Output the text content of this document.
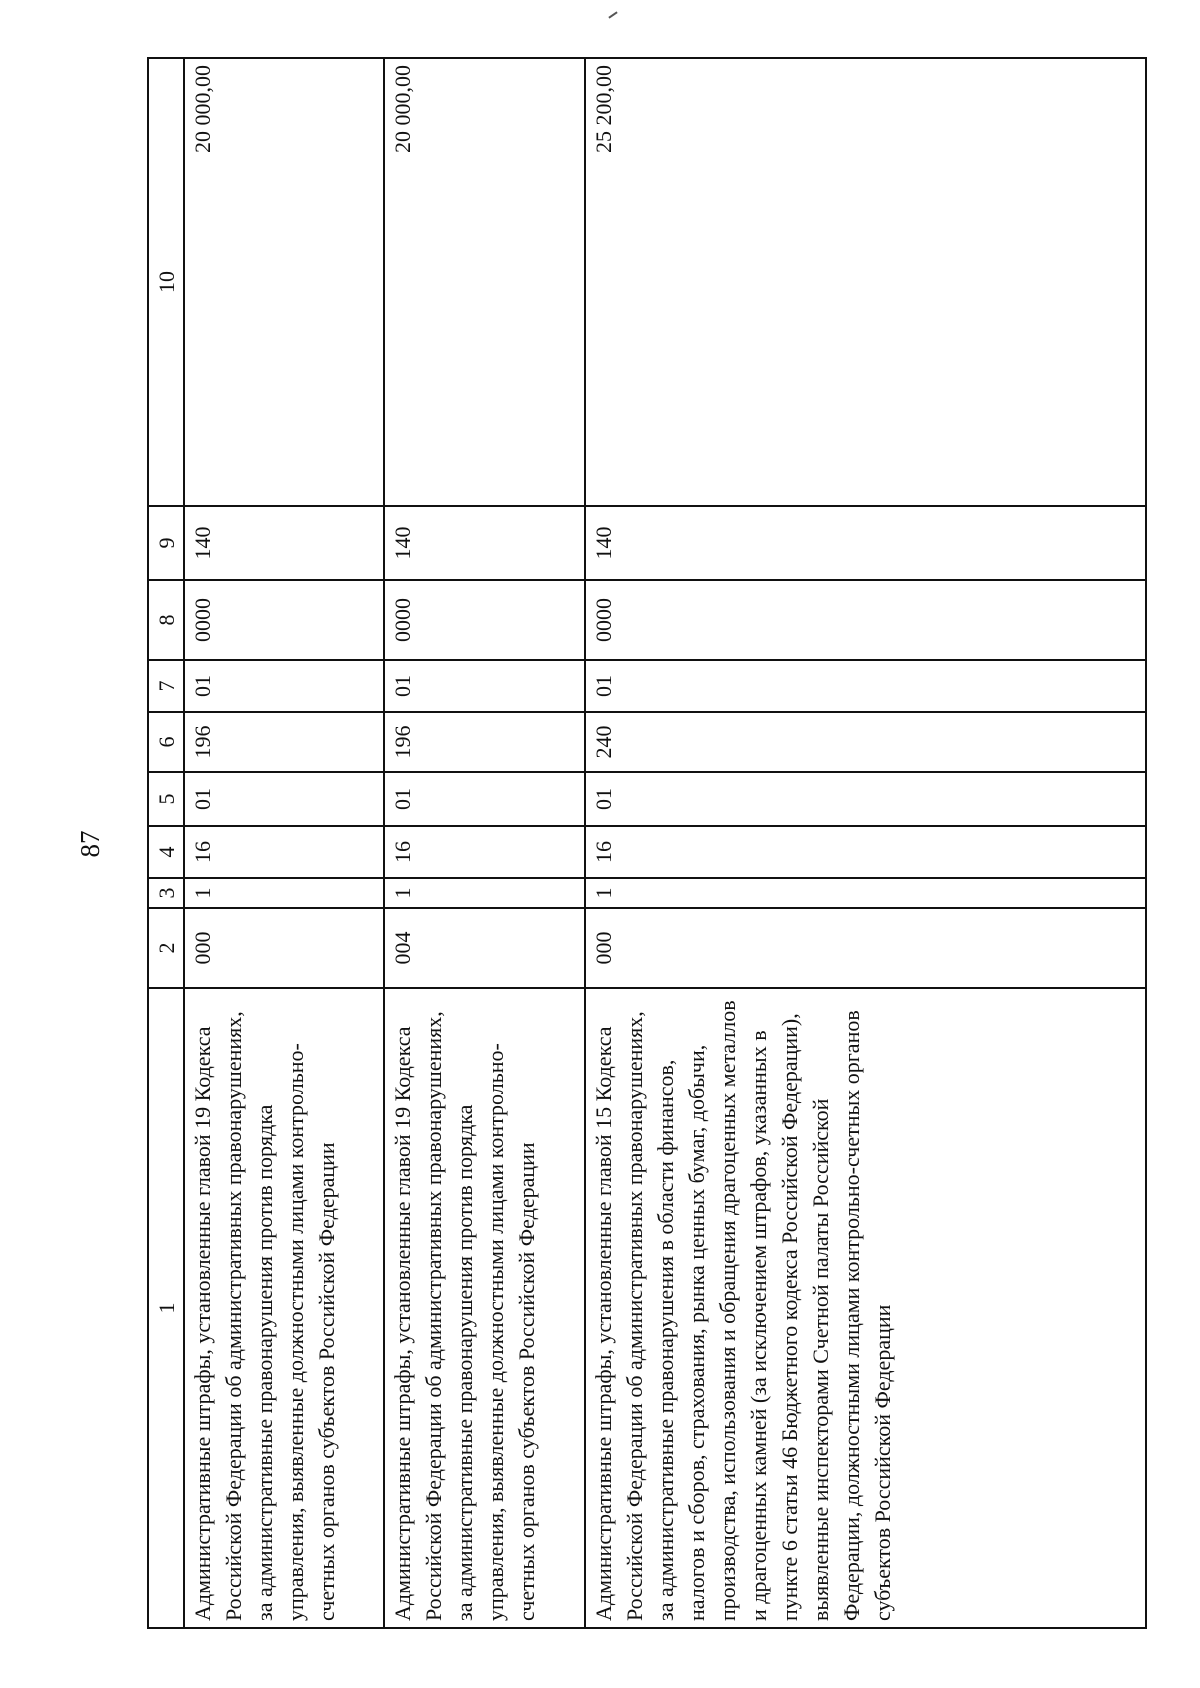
87
1	2	3	4	5	6	7	8	9	10
Административные штрафы, установленные главой 19 Кодекса Российской Федерации об административных правонарушениях, за административные правонарушения против порядка управления, выявленные должностными лицами контрольно-счетных органов субъектов Российской Федерации	000	1	16	01	196	01	0000	140	20 000,00
Административные штрафы, установленные главой 19 Кодекса Российской Федерации об административных правонарушениях, за административные правонарушения против порядка управления, выявленные должностными лицами контрольно-счетных органов субъектов Российской Федерации	004	1	16	01	196	01	0000	140	20 000,00
Административные штрафы, установленные главой 15 Кодекса Российской Федерации об административных правонарушениях, за административные правонарушения в области финансов, налогов и сборов, страхования, рынка ценных бумаг, добычи, производства, использования и обращения драгоценных металлов и драгоценных камней (за исключением штрафов, указанных в пункте 6 статьи 46 Бюджетного кодекса Российской Федерации), выявленные инспекторами Счетной палаты Российской Федерации, должностными лицами контрольно-счетных органов субъектов Российской Федерации	000	1	16	01	240	01	0000	140	25 200,00
